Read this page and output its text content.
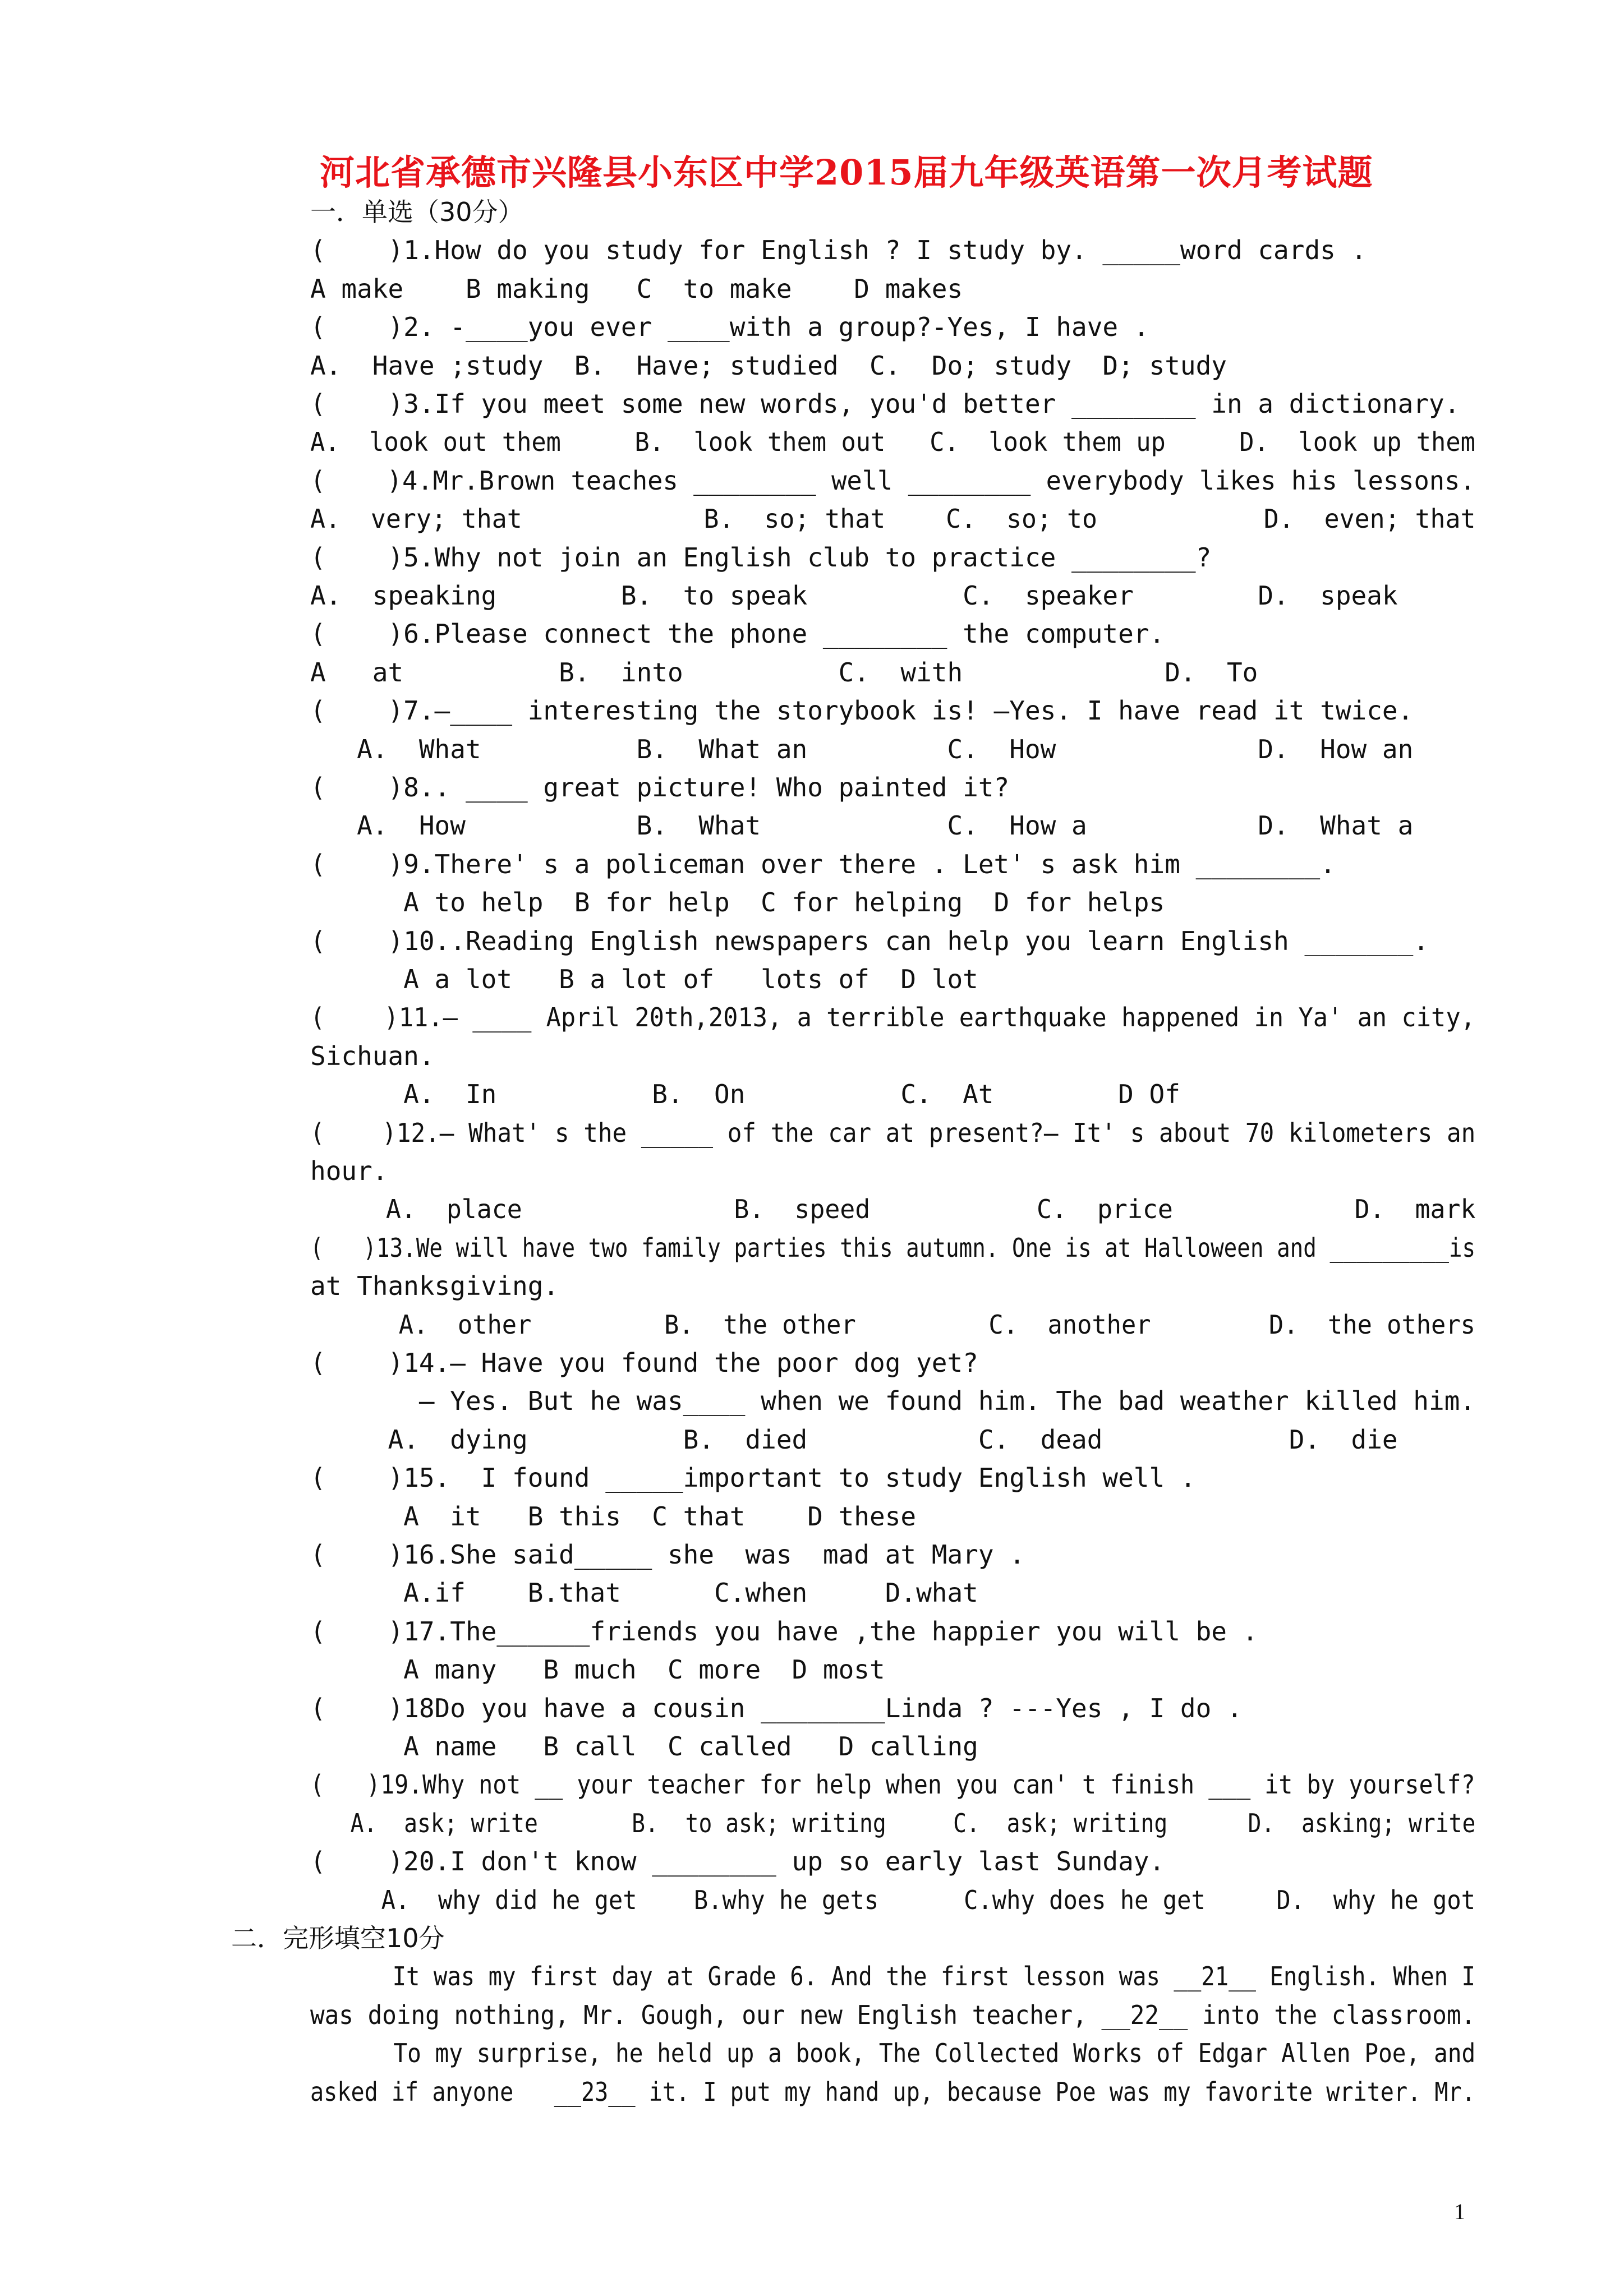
河北省承德市兴隆县小东区中学2015届九年级英语第一次月考试题
一．单选（30分）
(    )1.How do you study for English ? I study by. _____word cards .
A make    B making   C  to make    D makes
(    )2. -____you ever ____with a group?-Yes, I have .
A.  Have ;study  B.  Have; studied  C.  Do; study  D; study
(    )3.If you meet some new words, you'd better ________ in a dictionary.
A.  look out them     B.  look them out   C.  look them up     D.  look up them
(    )4.Mr.Brown teaches ________ well ________ everybody likes his lessons.
A.  very; that            B.  so; that    C.  so; to           D.  even; that
(    )5.Why not join an English club to practice ________?
A.  speaking        B.  to speak          C.  speaker        D.  speak
(    )6.Please connect the phone ________ the computer.
A   at          B.  into          C.  with             D.  To
(    )7.—____ interesting the storybook is! —Yes. I have read it twice.
A.  What          B.  What an         C.  How             D.  How an
(    )8.. ____ great picture! Who painted it?
A.  How           B.  What            C.  How a           D.  What a
(    )9.There' s a policeman over there . Let' s ask him ________.
A to help  B for help  C for helping  D for helps
(    )10..Reading English newspapers can help you learn English _______.
A a lot   B a lot of   lots of  D lot
(    )11.— ____ April 20th,2013, a terrible earthquake happened in Ya' an city,
Sichuan.
A.  In          B.  On          C.  At        D Of
(    )12.— What' s the _____ of the car at present?— It' s about 70 kilometers an
hour.
A.  place              B.  speed           C.  price            D.  mark
(   )13.We will have two family parties this autumn. One is at Halloween and _________is
at Thanksgiving.
A.  other         B.  the other         C.  another        D.  the others
(    )14.— Have you found the poor dog yet?
— Yes. But he was____ when we found him. The bad weather killed him.
A.  dying          B.  died           C.  dead            D.  die
(    )15.  I found _____important to study English well .
A  it   B this  C that    D these
(    )16.She said_____ she  was  mad at Mary .
A.if    B.that      C.when     D.what
(    )17.The______friends you have ,the happier you will be .
A many   B much  C more  D most
(    )18Do you have a cousin ________Linda ? ---Yes , I do .
A name   B call  C called   D calling
(   )19.Why not __ your teacher for help when you can' t finish ___ it by yourself?
A.  ask; write       B.  to ask; writing     C.  ask; writing      D.  asking; write
(    )20.I don't know ________ up so early last Sunday.
A.  why did he get    B.why he gets      C.why does he get     D.  why he got
二．完形填空10分
It was my first day at Grade 6. And the first lesson was __21__ English. When I
was doing nothing, Mr. Gough, our new English teacher, __22__ into the classroom.
To my surprise, he held up a book, The Collected Works of Edgar Allen Poe, and
asked if anyone   __23__ it. I put my hand up, because Poe was my favorite writer. Mr.
1
